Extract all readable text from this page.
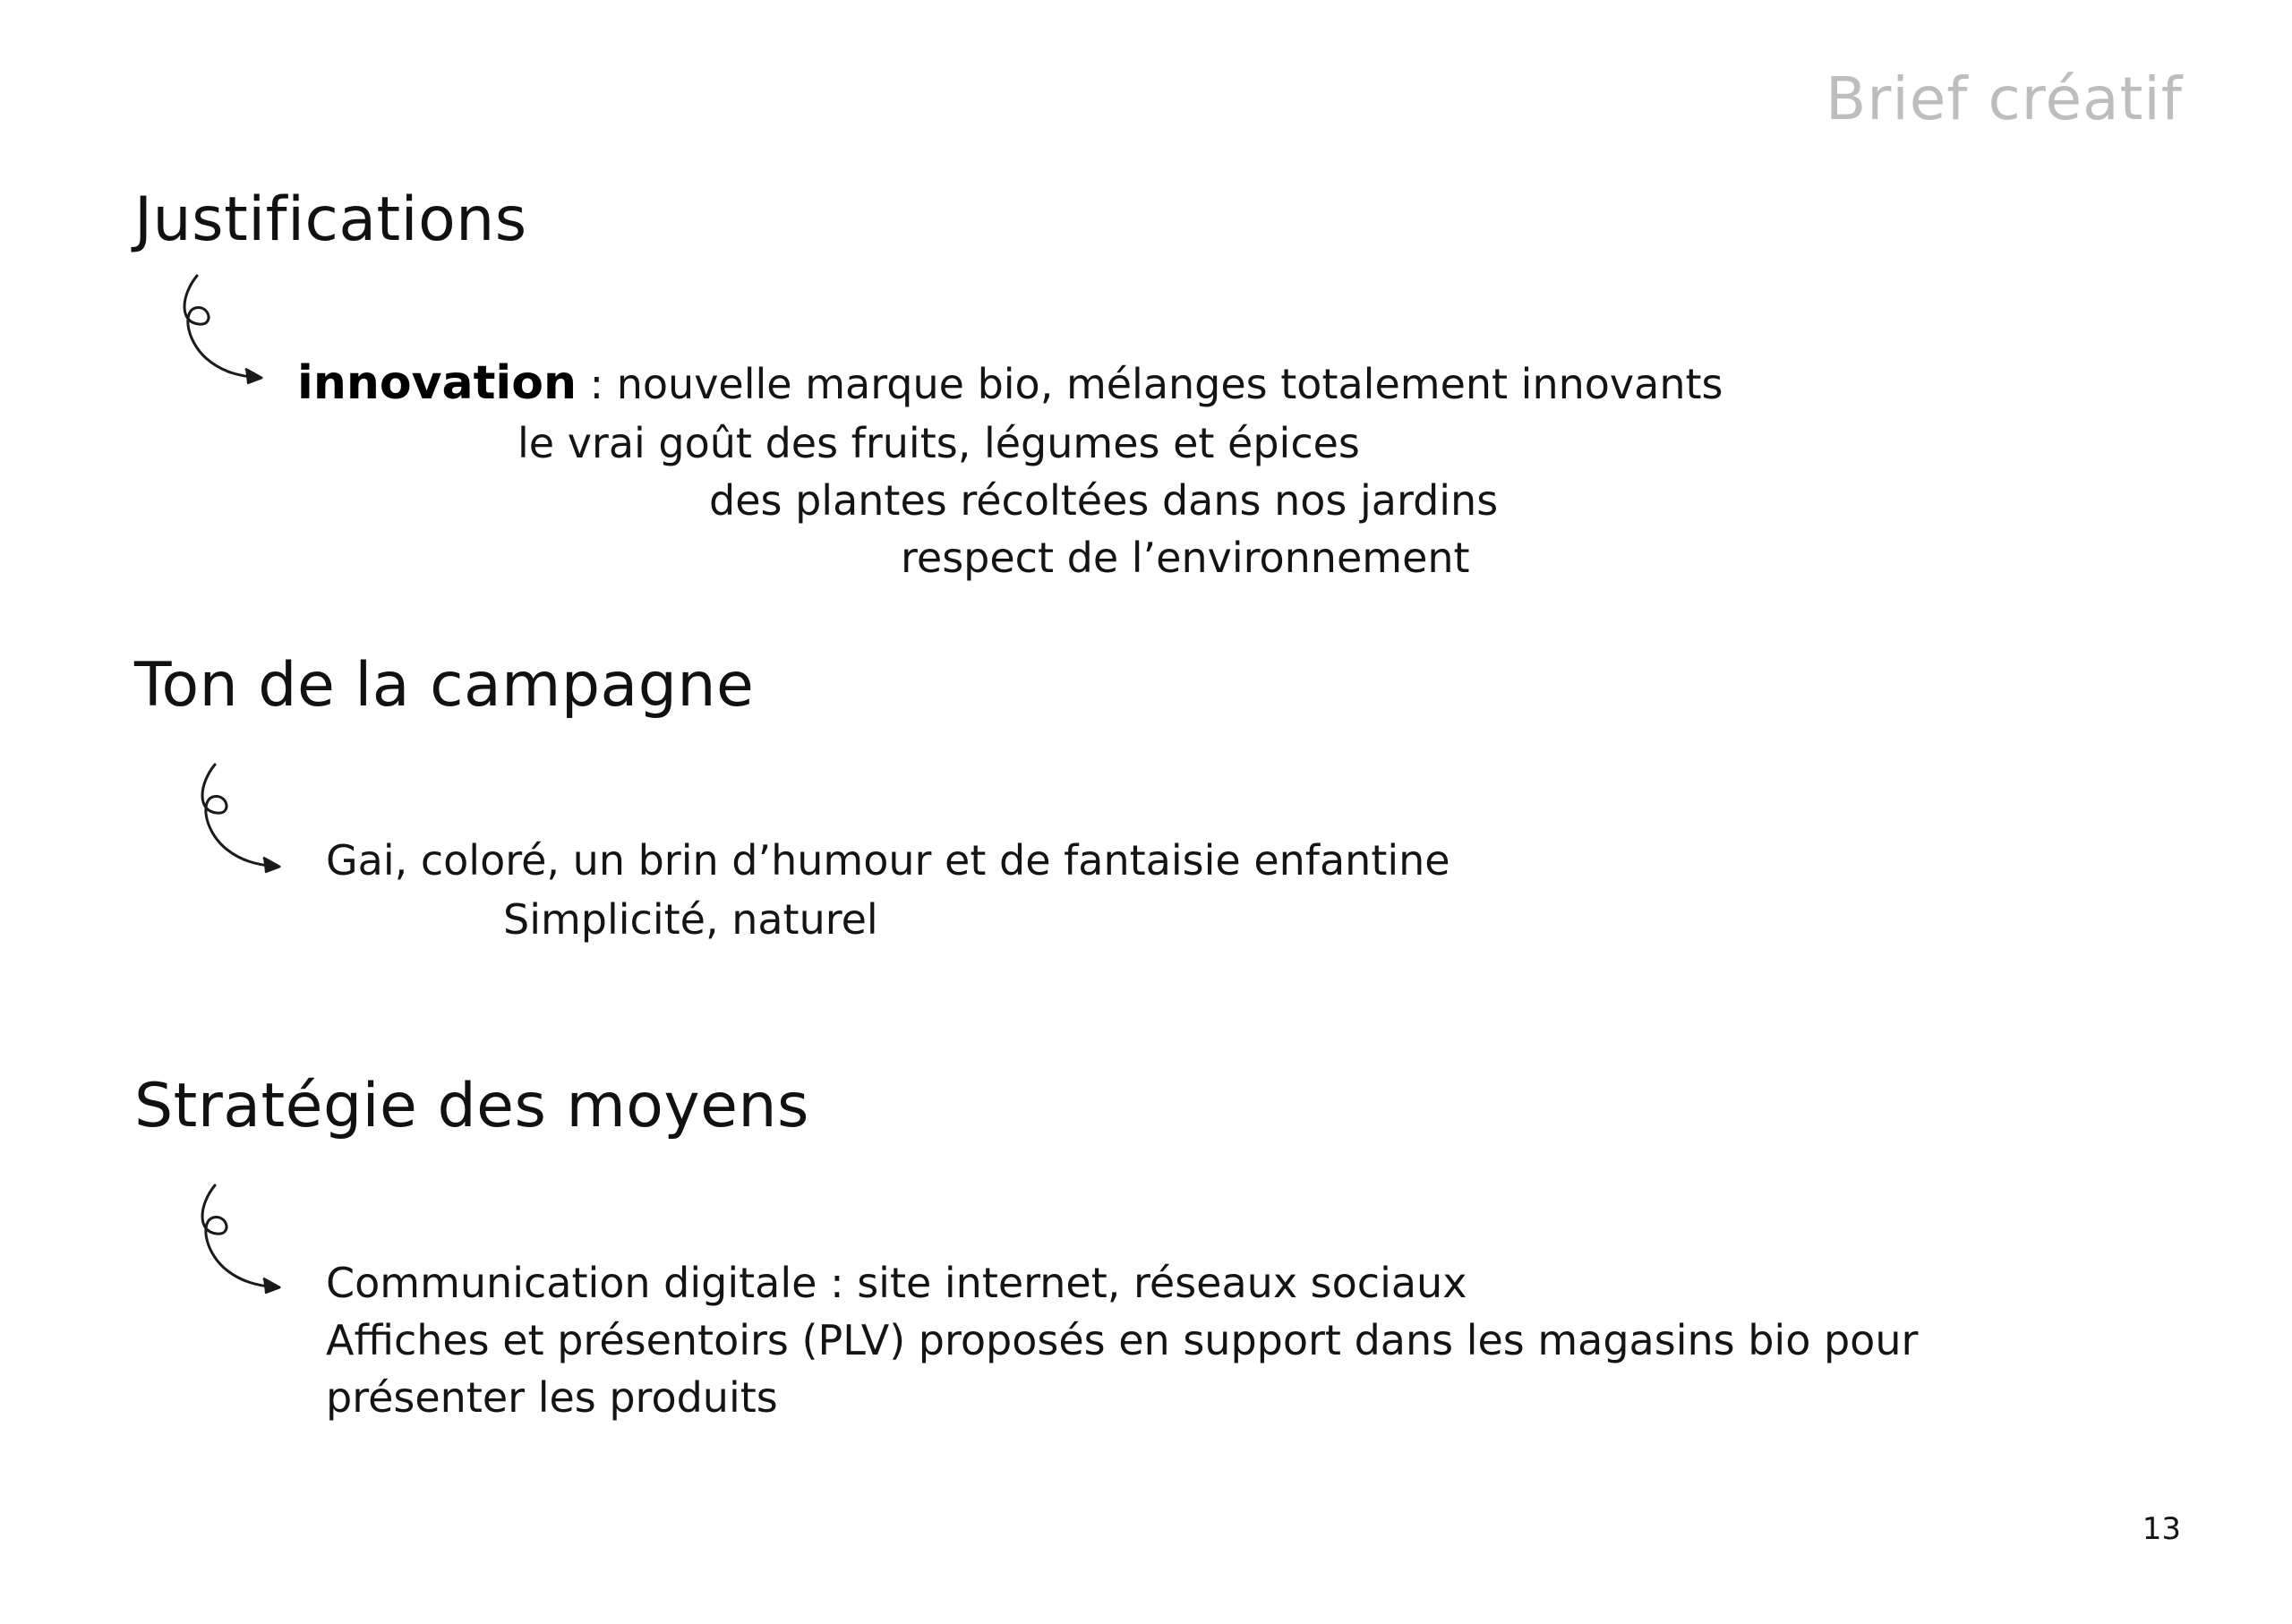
Brief créatif
Justifications
innovation : nouvelle marque bio, mélanges totalement innovants
le vrai goût des fruits, légumes et épices
des plantes récoltées dans nos jardins
respect de l’environnement
Ton de la campagne
Gai, coloré, un brin d’humour et de fantaisie enfantine
Simplicité, naturel
Stratégie des moyens
Communication digitale : site internet, réseaux sociaux
Affiches et présentoirs (PLV) proposés en support dans les magasins bio pour
présenter les produits
13
